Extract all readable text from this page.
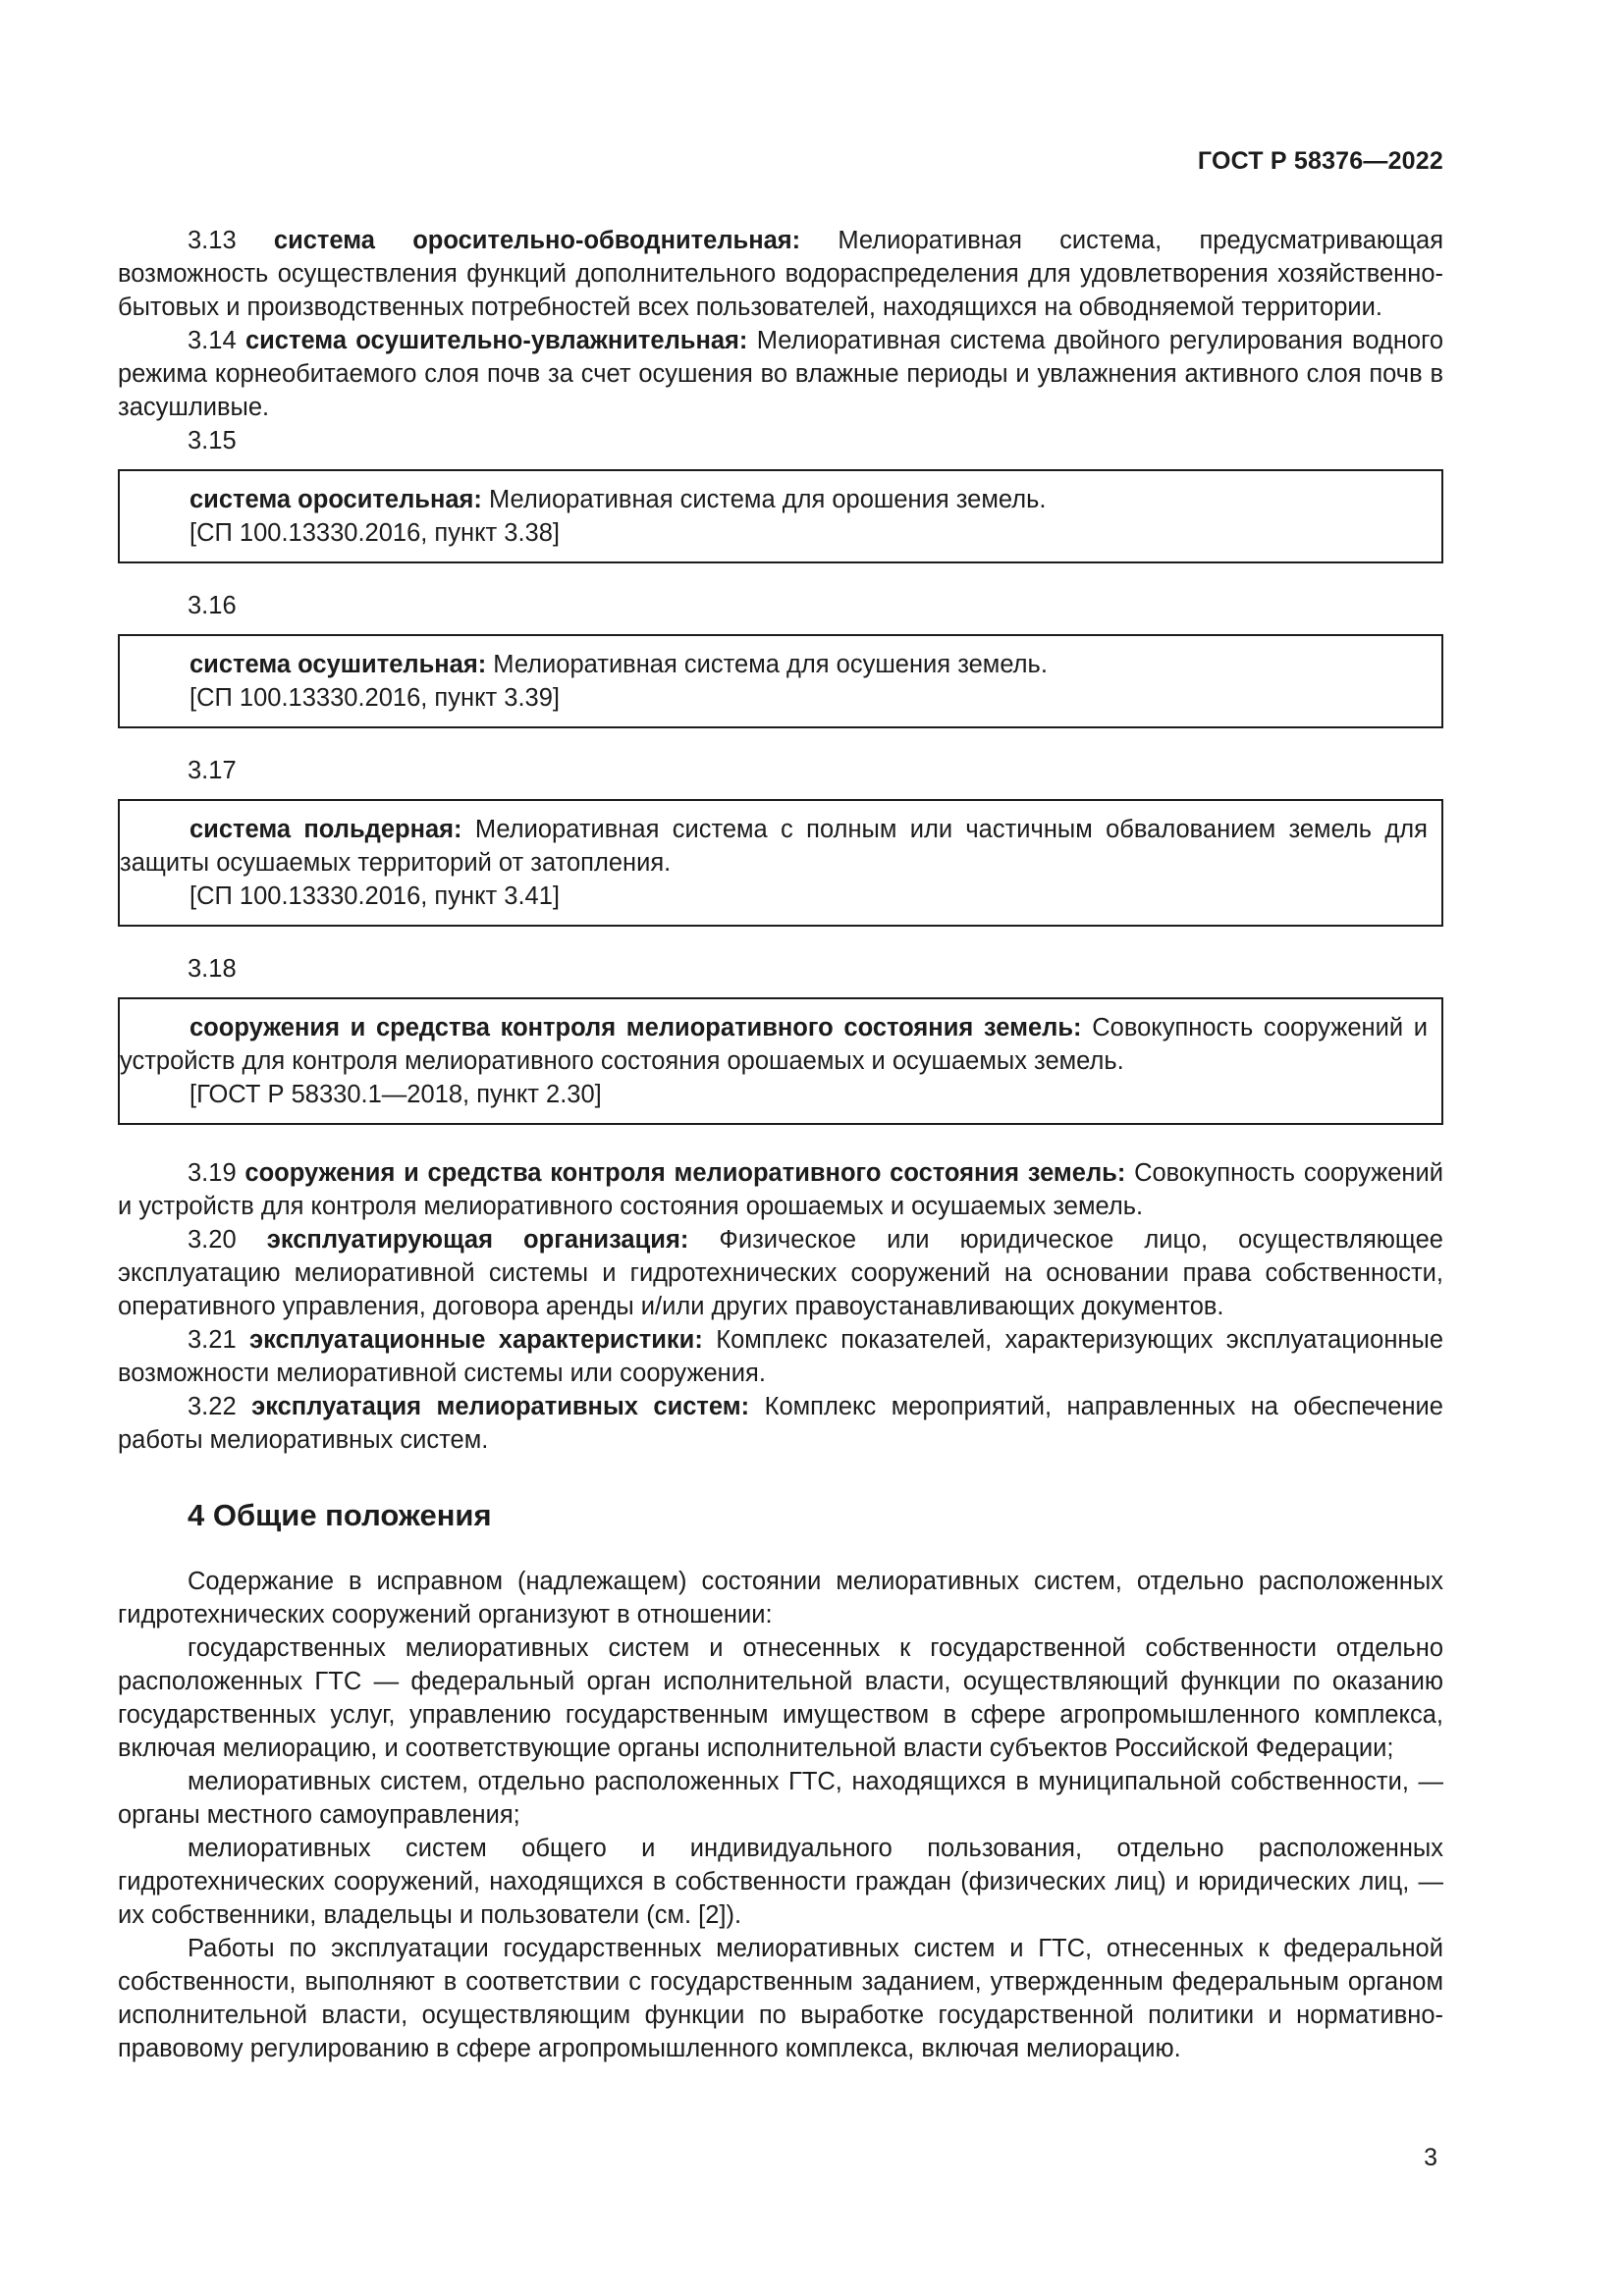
ГОСТ Р 58376—2022

3.13 система оросительно-обводнительная: Мелиоративная система, предусматривающая возможность осуществления функций дополнительного водораспределения для удовлетворения хозяйственно-бытовых и производственных потребностей всех пользователей, находящихся на обводняемой территории.

3.14 система осушительно-увлажнительная: Мелиоративная система двойного регулирования водного режима корнеобитаемого слоя почв за счет осушения во влажные периоды и увлажнения активного слоя почв в засушливые.

3.15

система оросительная: Мелиоративная система для орошения земель.

[СП 100.13330.2016, пункт 3.38]

3.16

система осушительная: Мелиоративная система для осушения земель.

[СП 100.13330.2016, пункт 3.39]

3.17

система польдерная: Мелиоративная система с полным или частичным обвалованием земель для защиты осушаемых территорий от затопления.

[СП 100.13330.2016, пункт 3.41]

3.18

сооружения и средства контроля мелиоративного состояния земель: Совокупность сооружений и устройств для контроля мелиоративного состояния орошаемых и осушаемых земель.

[ГОСТ Р 58330.1—2018, пункт 2.30]

3.19 сооружения и средства контроля мелиоративного состояния земель: Совокупность сооружений и устройств для контроля мелиоративного состояния орошаемых и осушаемых земель.

3.20 эксплуатирующая организация: Физическое или юридическое лицо, осуществляющее эксплуатацию мелиоративной системы и гидротехнических сооружений на основании права собственности, оперативного управления, договора аренды и/или других правоустанавливающих документов.

3.21 эксплуатационные характеристики: Комплекс показателей, характеризующих эксплуатационные возможности мелиоративной системы или сооружения.

3.22 эксплуатация мелиоративных систем: Комплекс мероприятий, направленных на обеспечение работы мелиоративных систем.

4 Общие положения

Содержание в исправном (надлежащем) состоянии мелиоративных систем, отдельно расположенных гидротехнических сооружений организуют в отношении:

государственных мелиоративных систем и отнесенных к государственной собственности отдельно расположенных ГТС — федеральный орган исполнительной власти, осуществляющий функции по оказанию государственных услуг, управлению государственным имуществом в сфере агропромышленного комплекса, включая мелиорацию, и соответствующие органы исполнительной власти субъектов Российской Федерации;

мелиоративных систем, отдельно расположенных ГТС, находящихся в муниципальной собственности, — органы местного самоуправления;

мелиоративных систем общего и индивидуального пользования, отдельно расположенных гидротехнических сооружений, находящихся в собственности граждан (физических лиц) и юридических лиц, — их собственники, владельцы и пользователи (см. [2]).

Работы по эксплуатации государственных мелиоративных систем и ГТС, отнесенных к федеральной собственности, выполняют в соответствии с государственным заданием, утвержденным федеральным органом исполнительной власти, осуществляющим функции по выработке государственной политики и нормативно-правовому регулированию в сфере агропромышленного комплекса, включая мелиорацию.

3
